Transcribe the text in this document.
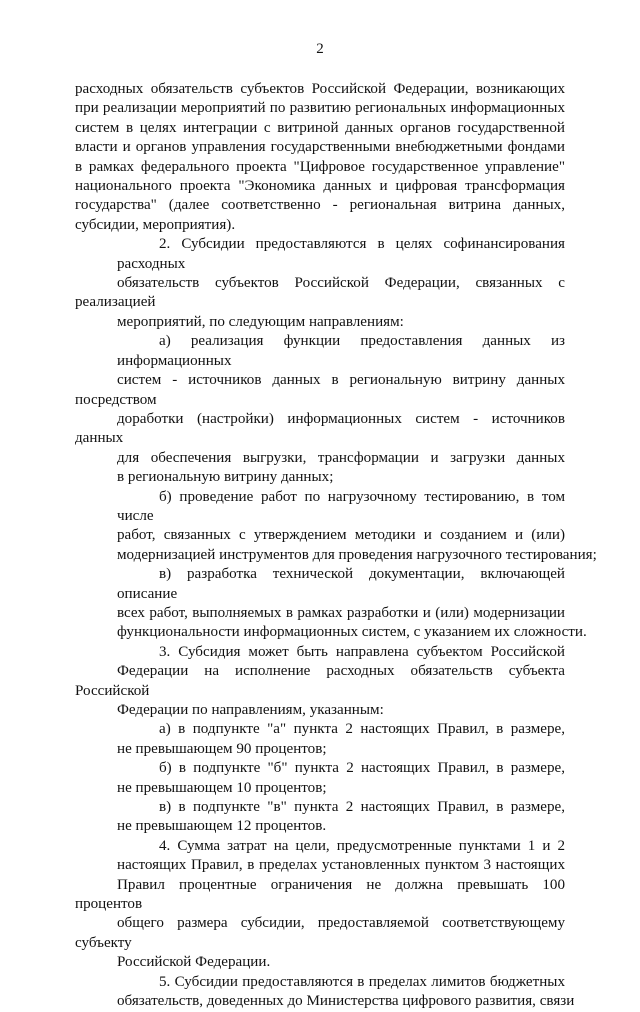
2
расходных обязательств субъектов Российской Федерации, возникающих
при реализации мероприятий по развитию региональных информационных
систем в целях интеграции с витриной данных органов государственной
власти и органов управления государственными внебюджетными фондами
в рамках федерального проекта "Цифровое государственное управление"
национального проекта "Экономика данных и цифровая трансформация
государства" (далее соответственно - региональная витрина данных,
субсидии, мероприятия).
2. Субсидии предоставляются в целях софинансирования расходных
обязательств субъектов Российской Федерации, связанных с реализацией
мероприятий, по следующим направлениям:
а) реализация функции предоставления данных из информационных
систем - источников данных в региональную витрину данных посредством
доработки (настройки) информационных систем - источников данных
для обеспечения выгрузки, трансформации и загрузки данных
в региональную витрину данных;
б) проведение работ по нагрузочному тестированию, в том числе
работ, связанных с утверждением методики и созданием и (или)
модернизацией инструментов для проведения нагрузочного тестирования;
в) разработка технической документации, включающей описание
всех работ, выполняемых в рамках разработки и (или) модернизации
функциональности информационных систем, с указанием их сложности.
3. Субсидия может быть направлена субъектом Российской
Федерации на исполнение расходных обязательств субъекта Российской
Федерации по направлениям, указанным:
а) в подпункте "а" пункта 2 настоящих Правил, в размере,
не превышающем 90 процентов;
б) в подпункте "б" пункта 2 настоящих Правил, в размере,
не превышающем 10 процентов;
в) в подпункте "в" пункта 2 настоящих Правил, в размере,
не превышающем 12 процентов.
4. Сумма затрат на цели, предусмотренные пунктами 1 и 2
настоящих Правил, в пределах установленных пунктом 3 настоящих
Правил процентные ограничения не должна превышать 100 процентов
общего размера субсидии, предоставляемой соответствующему субъекту
Российской Федерации.
5. Субсидии предоставляются в пределах лимитов бюджетных
обязательств, доведенных до Министерства цифрового развития, связи
